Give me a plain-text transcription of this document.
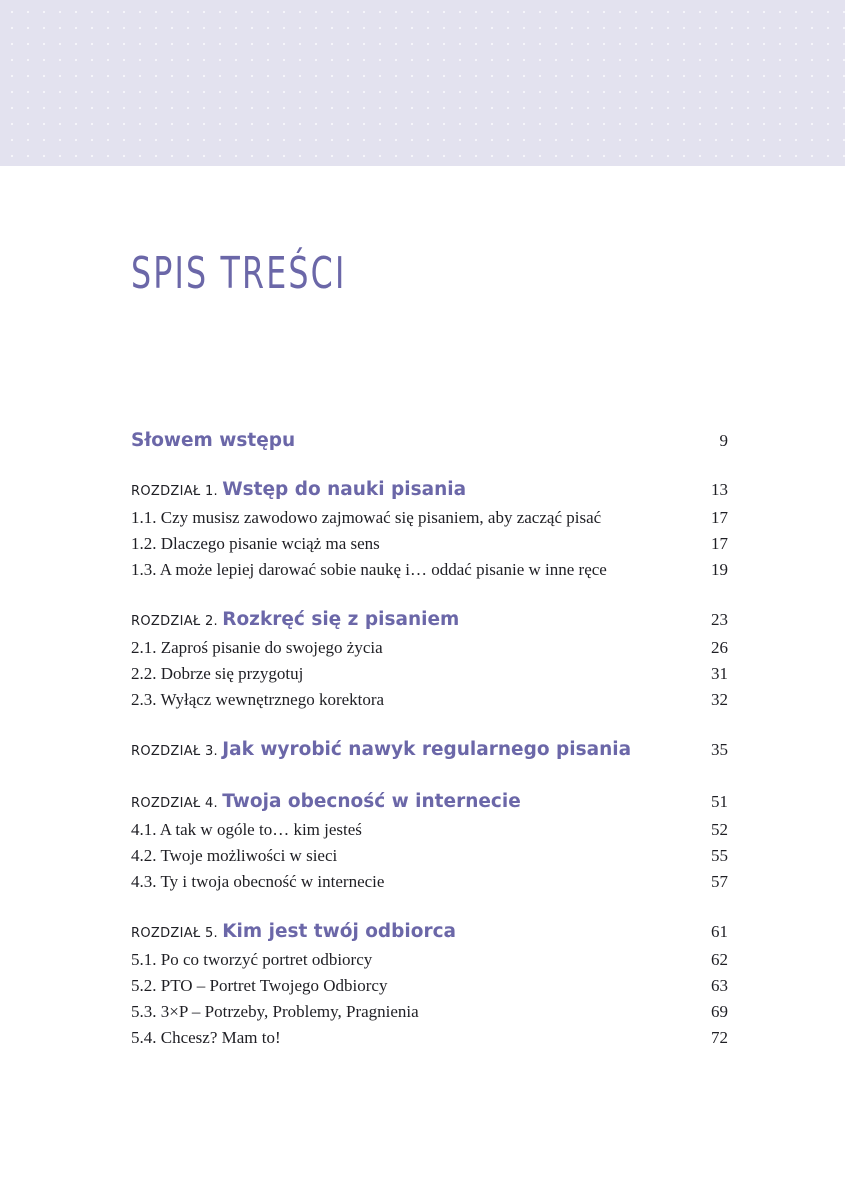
SPIS TREŚCI
Słowem wstępu	9
ROZDZIAŁ 1. Wstęp do nauki pisania	13
1.1. Czy musisz zawodowo zajmować się pisaniem, aby zacząć pisać	17
1.2. Dlaczego pisanie wciąż ma sens	17
1.3. A może lepiej darować sobie naukę i… oddać pisanie w inne ręce	19
ROZDZIAŁ 2. Rozkręć się z pisaniem	23
2.1. Zaproś pisanie do swojego życia	26
2.2. Dobrze się przygotuj	31
2.3. Wyłącz wewnętrznego korektora	32
ROZDZIAŁ 3. Jak wyrobić nawyk regularnego pisania	35
ROZDZIAŁ 4. Twoja obecność w internecie	51
4.1. A tak w ogóle to… kim jesteś	52
4.2. Twoje możliwości w sieci	55
4.3. Ty i twoja obecność w internecie	57
ROZDZIAŁ 5. Kim jest twój odbiorca	61
5.1. Po co tworzyć portret odbiorcy	62
5.2. PTO – Portret Twojego Odbiorcy	63
5.3. 3×P – Potrzeby, Problemy, Pragnienia	69
5.4. Chcesz? Mam to!	72
